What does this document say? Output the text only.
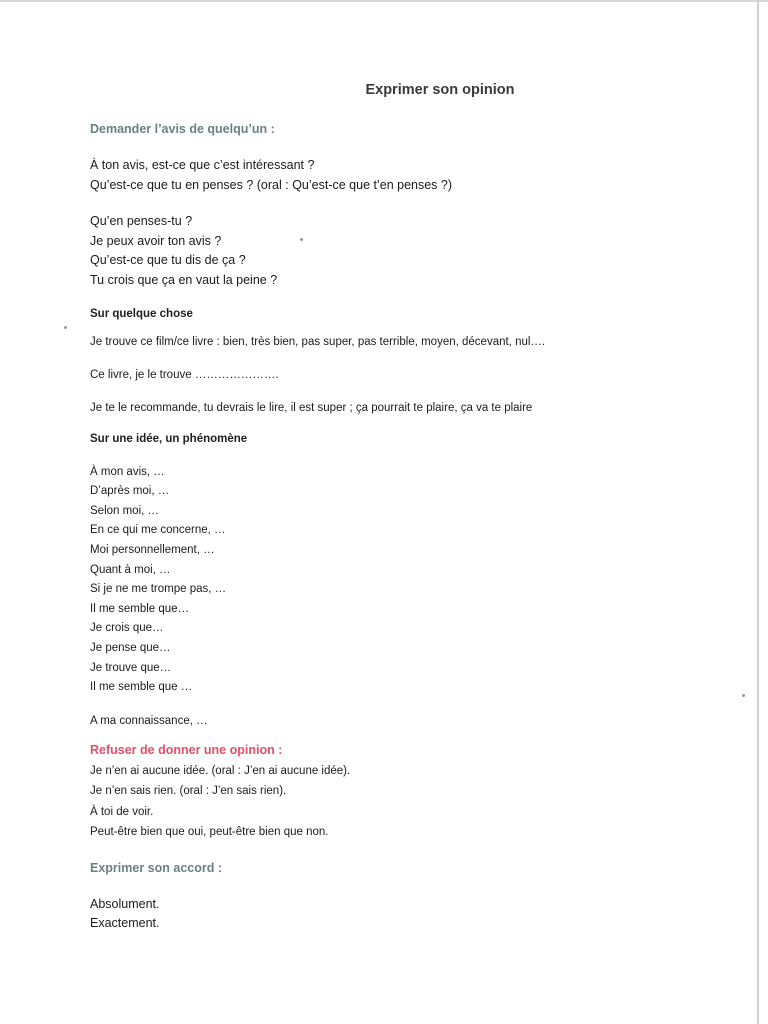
Exprimer son opinion
Demander l’avis de quelqu’un :
À ton avis, est-ce que c’est intéressant ?
Qu’est-ce que tu en penses ? (oral : Qu’est-ce que t’en penses ?)
Qu’en penses-tu ?
Je peux avoir ton avis ?
Qu’est-ce que tu dis de ça ?
Tu crois que ça en vaut la peine ?
Sur quelque chose
Je trouve ce film/ce livre : bien, très bien, pas super, pas terrible, moyen, décevant, nul….
Ce livre, je le trouve ………………….
Je te le recommande, tu devrais le lire, il est super ; ça pourrait te plaire, ça va te plaire
Sur une idée, un phénomène
À mon avis, …
D’après moi, …
Selon moi, …
En ce qui me concerne, …
Moi personnellement, …
Quant à moi, …
Si je ne me trompe pas, …
Il me semble que…
Je crois que…
Je pense que…
Je trouve que…
Il me semble que …
A ma connaissance, …
Refuser de donner une opinion :
Je n’en ai aucune idée. (oral : J’en ai aucune idée).
Je n’en sais rien. (oral : J’en sais rien).
À toi de voir.
Peut-être bien que oui, peut-être bien que non.
Exprimer son accord :
Absolument.
Exactement.
